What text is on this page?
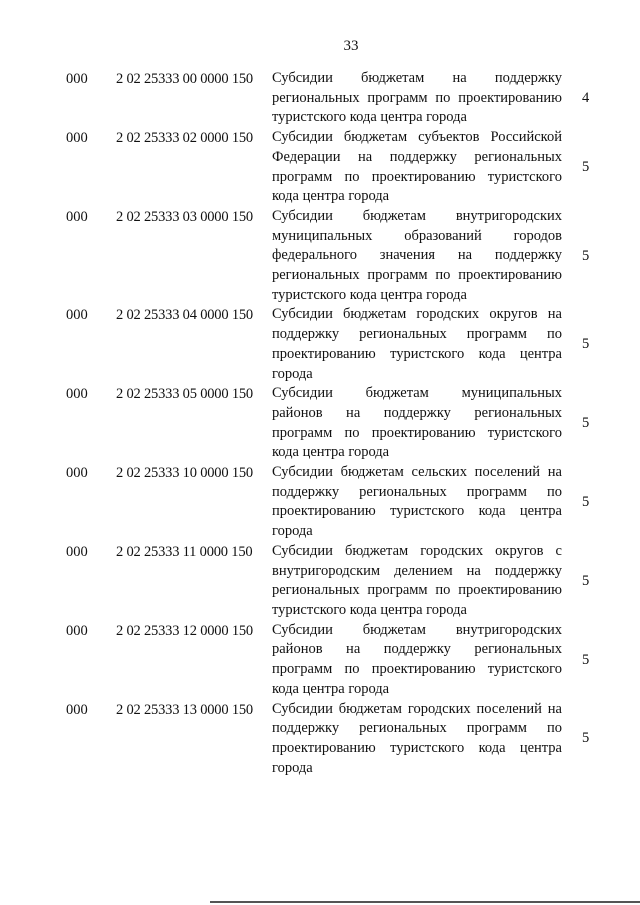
33
000	2 02 25333 00 0000 150	Субсидии бюджетам на поддержку
региональных программ по проектированию
туристского кода центра города
4
000	2 02 25333 02 0000 150	Субсидии бюджетам субъектов Российской
Федерации на поддержку региональных
программ по проектированию туристского
кода центра города
5
000	2 02 25333 03 0000 150	Субсидии бюджетам внутригородских
муниципальных образований городов
федерального значения на поддержку
региональных программ по проектированию
туристского кода центра города
5
000	2 02 25333 04 0000 150	Субсидии бюджетам городских округов на
поддержку региональных программ по
проектированию туристского кода центра
города
5
000	2 02 25333 05 0000 150	Субсидии бюджетам муниципальных
районов на поддержку региональных
программ по проектированию туристского
кода центра города
5
000	2 02 25333 10 0000 150	Субсидии бюджетам сельских поселений на
поддержку региональных программ по
проектированию туристского кода центра
города
5
000	2 02 25333 11 0000 150	Субсидии бюджетам городских округов с
внутригородским делением на поддержку
региональных программ по проектированию
туристского кода центра города
5
000	2 02 25333 12 0000 150	Субсидии бюджетам внутригородских
районов на поддержку региональных
программ по проектированию туристского
кода центра города
5
000	2 02 25333 13 0000 150	Субсидии бюджетам городских поселений на
поддержку региональных программ по
проектированию туристского кода центра
города
5
